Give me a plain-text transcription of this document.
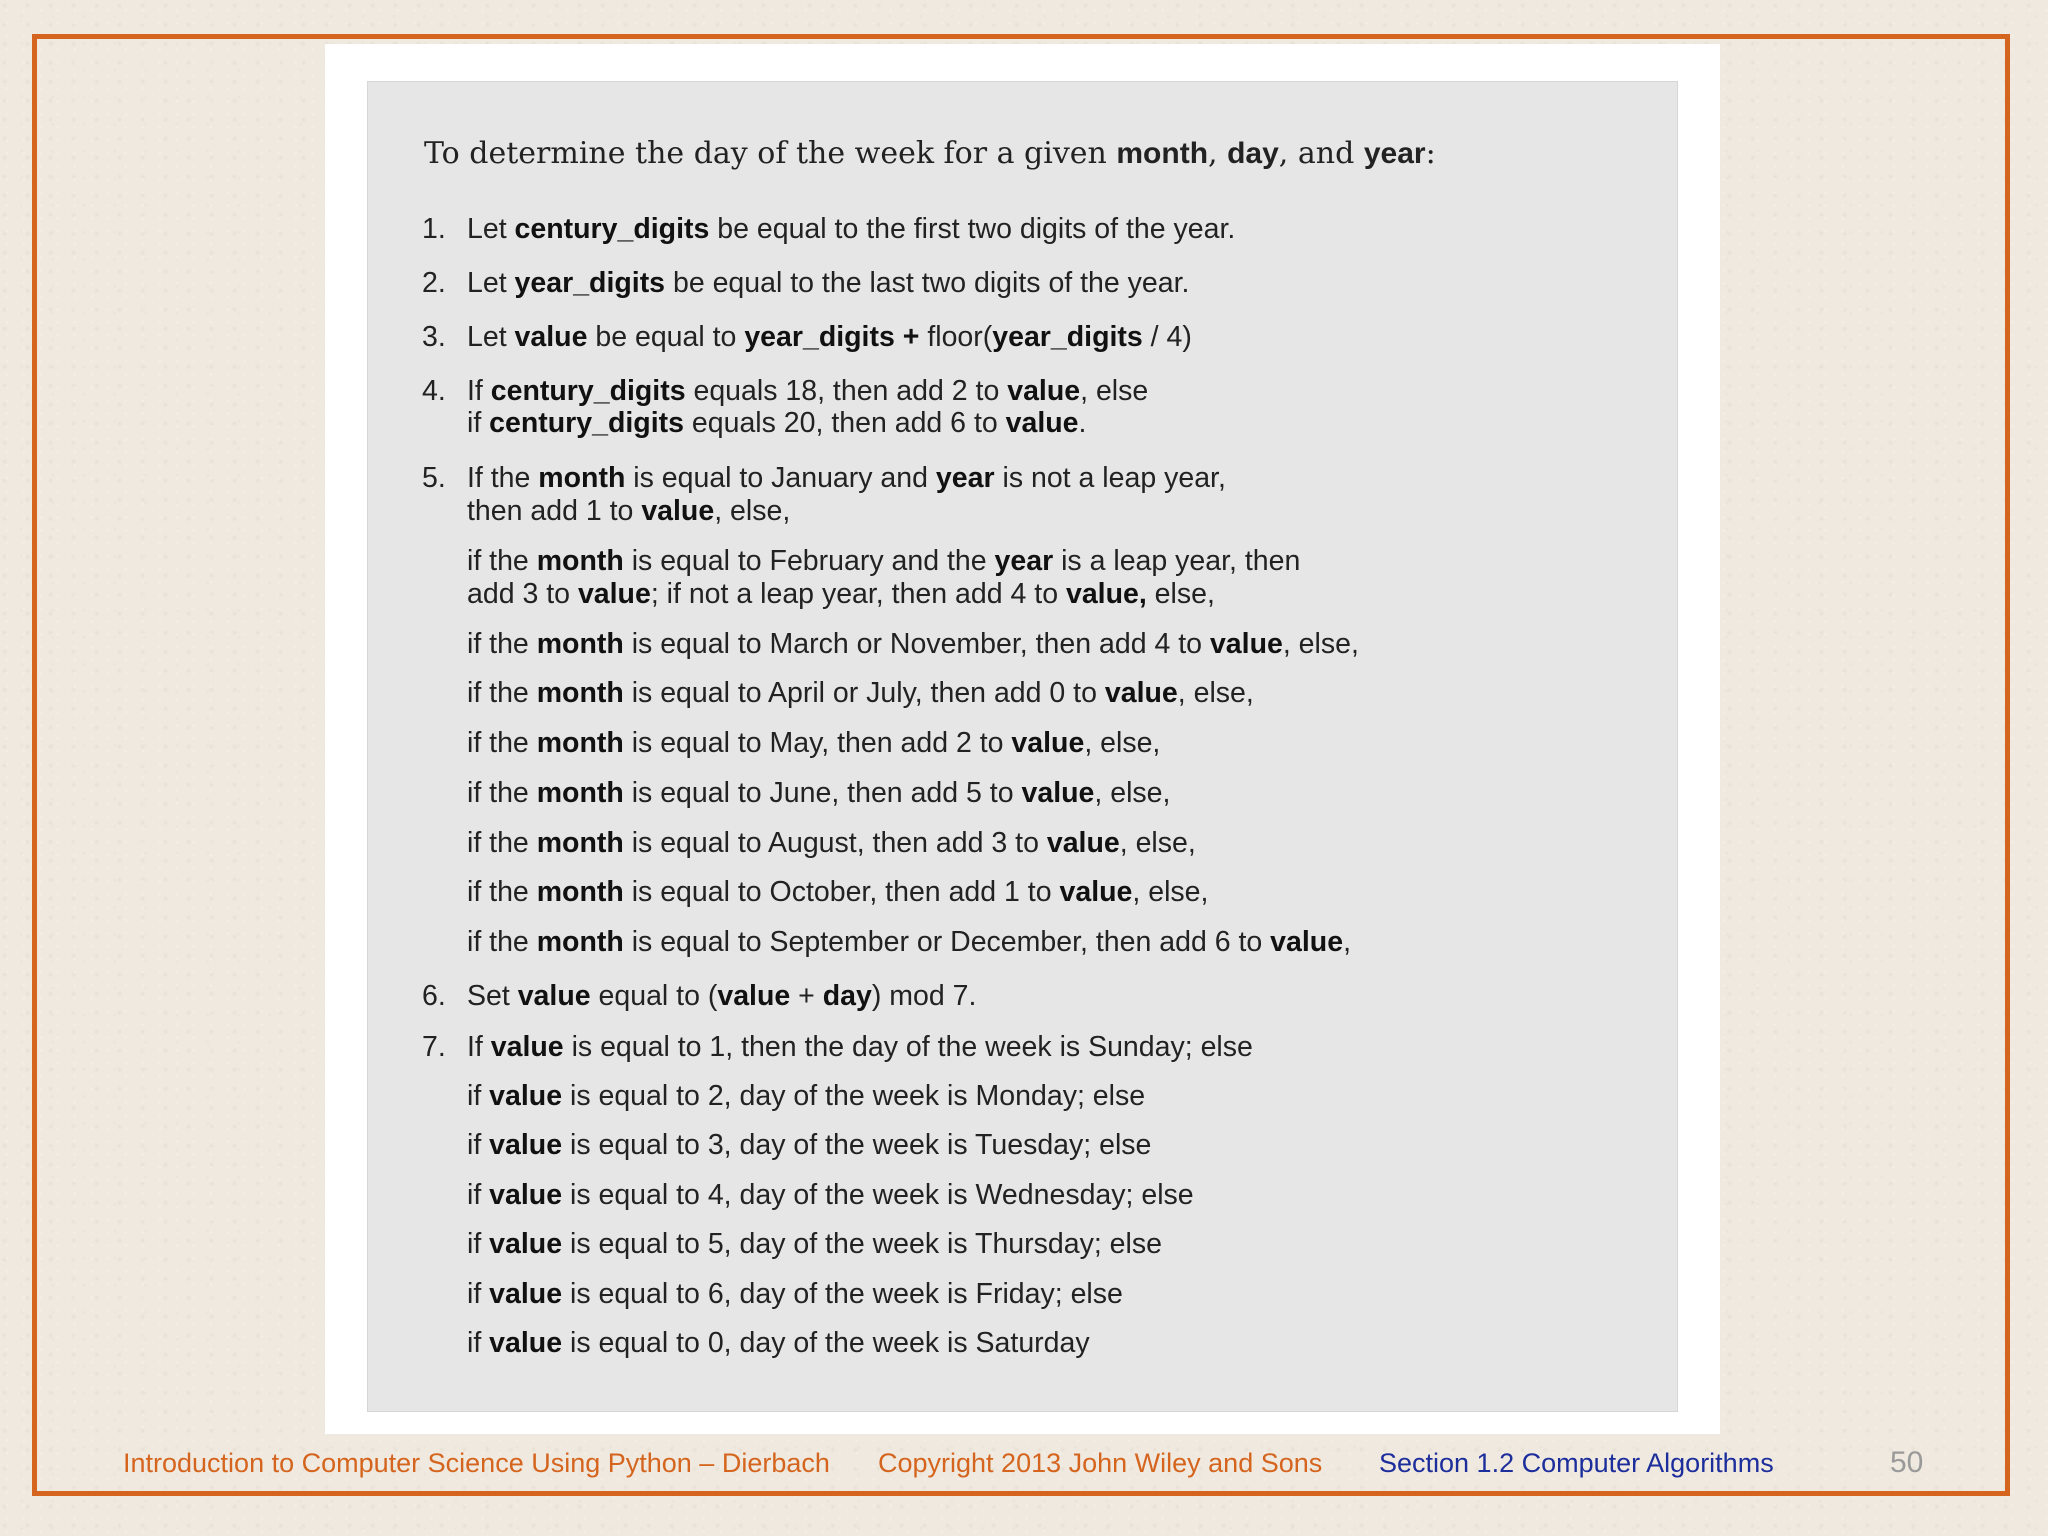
To determine the day of the week for a given month, day, and year:
1. Let century_digits be equal to the first two digits of the year.
2. Let year_digits be equal to the last two digits of the year.
3. Let value be equal to year_digits + floor(year_digits / 4)
4. If century_digits equals 18, then add 2 to value, else
if century_digits equals 20, then add 6 to value.
5. If the month is equal to January and year is not a leap year,
then add 1 to value, else,
if the month is equal to February and the year is a leap year, then
add 3 to value; if not a leap year, then add 4 to value, else,
if the month is equal to March or November, then add 4 to value, else,
if the month is equal to April or July, then add 0 to value, else,
if the month is equal to May, then add 2 to value, else,
if the month is equal to June, then add 5 to value, else,
if the month is equal to August, then add 3 to value, else,
if the month is equal to October, then add 1 to value, else,
if the month is equal to September or December, then add 6 to value,
6. Set value equal to (value + day) mod 7.
7. If value is equal to 1, then the day of the week is Sunday; else
if value is equal to 2, day of the week is Monday; else
if value is equal to 3, day of the week is Tuesday; else
if value is equal to 4, day of the week is Wednesday; else
if value is equal to 5, day of the week is Thursday; else
if value is equal to 6, day of the week is Friday; else
if value is equal to 0, day of the week is Saturday
Introduction to Computer Science Using Python – Dierbach Copyright 2013 John Wiley and Sons Section 1.2 Computer Algorithms	50
